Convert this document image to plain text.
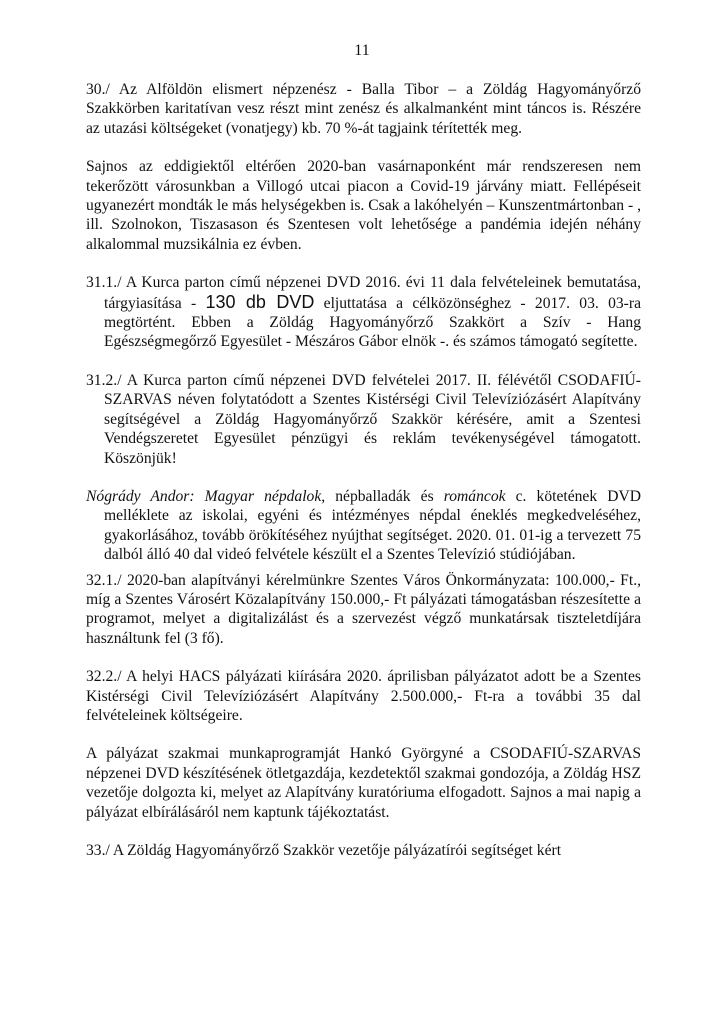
11

30./ Az Alföldön elismert népzenész - Balla Tibor – a Zöldág Hagyományőrző Szakkörben karitatívan vesz részt mint zenész és alkalmanként mint táncos is. Részére az utazási költségeket (vonatjegy) kb. 70 %-át tagjaink térítették meg.

Sajnos az eddigiektől eltérően 2020-ban vasárnaponként már rendszeresen nem tekerőzött városunkban a Villogó utcai piacon a Covid-19 járvány miatt. Fellépéseit ugyanezért mondták le más helységekben is. Csak a lakóhelyén – Kunszentmártonban - , ill. Szolnokon, Tiszasason és Szentesen volt lehetősége a pandémia idején néhány alkalommal muzsikálnia ez évben.

31.1./ A Kurca parton című népzenei DVD 2016. évi 11 dala felvételeinek bemutatása, tárgyiasítása - 130 db DVD eljuttatása a célközönséghez - 2017. 03. 03-ra megtörtént. Ebben a Zöldág Hagyományőrző Szakkört a Szív - Hang Egészségmegőrző Egyesület - Mészáros Gábor elnök -. és számos támogató segítette.

31.2./ A Kurca parton című népzenei DVD felvételei 2017. II. félévétől CSODAFIÚ-SZARVAS néven folytatódott a Szentes Kistérségi Civil Televíziózásért Alapítvány segítségével a Zöldág Hagyományőrző Szakkör kérésére, amit a Szentesi Vendégszeretet Egyesület pénzügyi és reklám tevékenységével támogatott. Köszönjük!

Nógrády Andor: Magyar népdalok, népballadák és románcok c. kötetének DVD melléklete az iskolai, egyéni és intézményes népdal éneklés megkedveléséhez, gyakorlásához, tovább örökítéséhez nyújthat segítséget. 2020. 01. 01-ig a tervezett 75 dalból álló 40 dal videó felvétele készült el a Szentes Televízió stúdiójában.

32.1./ 2020-ban alapítványi kérelmünkre Szentes Város Önkormányzata: 100.000,- Ft., míg a Szentes Városért Közalapítvány 150.000,- Ft pályázati támogatásban részesítette a programot, melyet a digitalizálást és a szervezést végző munkatársak tiszteletdíjára használtunk fel (3 fő).

32.2./ A helyi HACS pályázati kiírására 2020. áprilisban pályázatot adott be a Szentes Kistérségi Civil Televíziózásért Alapítvány 2.500.000,- Ft-ra a további 35 dal felvételeinek költségeire.

A pályázat szakmai munkaprogramját Hankó Györgyné a CSODAFIÚ-SZARVAS népzenei DVD készítésének ötletgazdája, kezdetektől szakmai gondozója, a Zöldág HSZ vezetője dolgozta ki, melyet az Alapítvány kuratóriuma elfogadott. Sajnos a mai napig a pályázat elbírálásáról nem kaptunk tájékoztatást.

33./ A Zöldág Hagyományőrző Szakkör vezetője pályázatírói segítséget kért
